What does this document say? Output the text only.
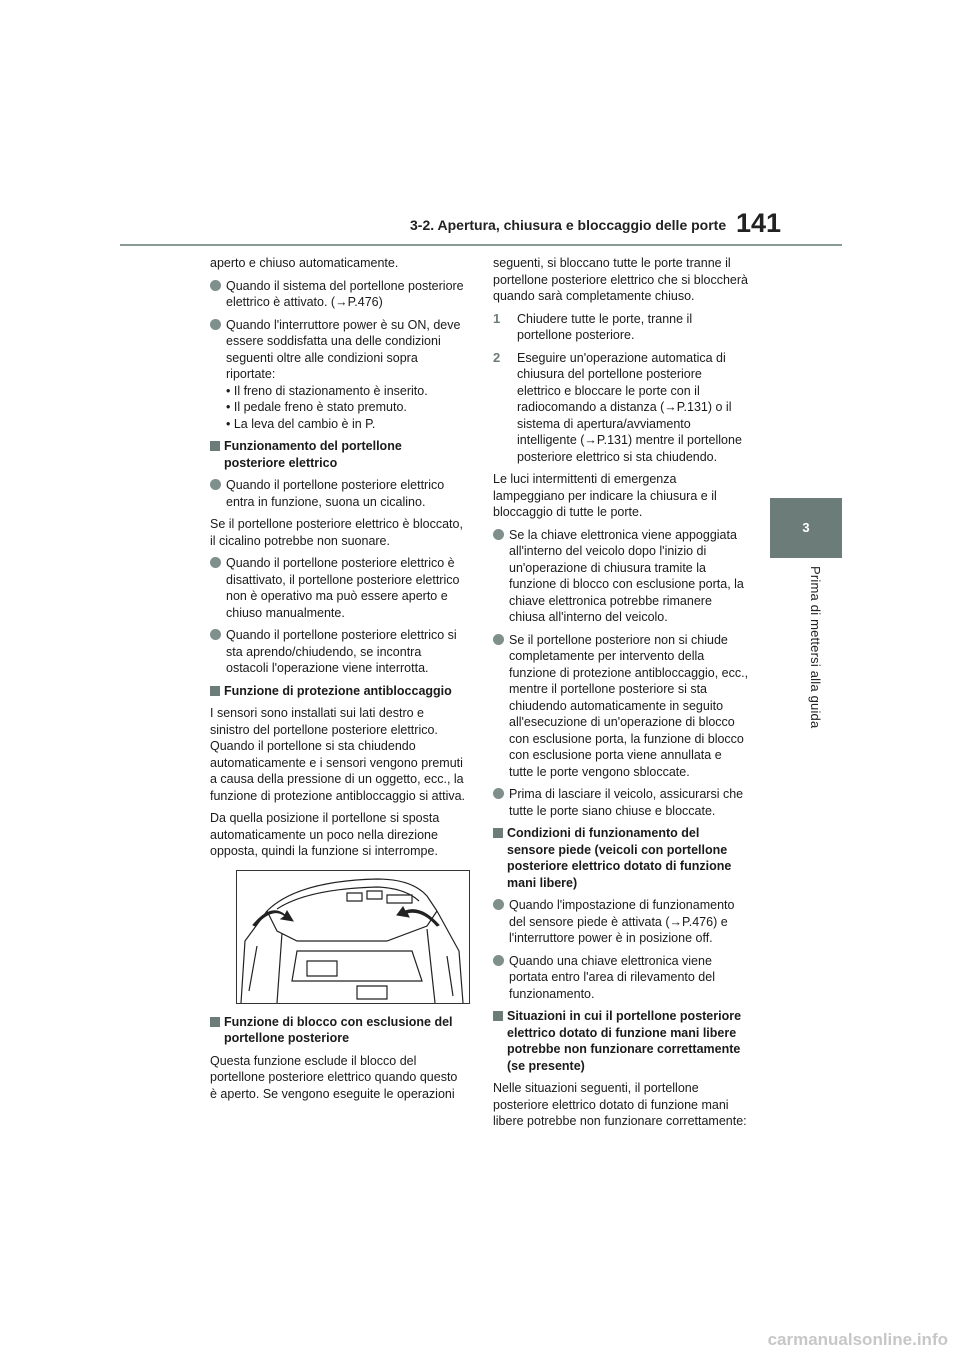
3-2. Apertura, chiusura e bloccaggio delle porte 141
3
Prima di mettersi alla guida

aperto e chiuso automaticamente.

Quando il sistema del portellone posteriore elettrico è attivato. (→P.476)
Quando l'interruttore power è su ON, deve essere soddisfatta una delle condizioni seguenti oltre alle condizioni sopra riportate:
• Il freno di stazionamento è inserito.
• Il pedale freno è stato premuto.
• La leva del cambio è in P.
Funzionamento del portellone posteriore elettrico
Quando il portellone posteriore elettrico entra in funzione, suona un cicalino.

Se il portellone posteriore elettrico è bloccato, il cicalino potrebbe non suonare.

Quando il portellone posteriore elettrico è disattivato, il portellone posteriore elettrico non è operativo ma può essere aperto e chiuso manualmente.
Quando il portellone posteriore elettrico si sta aprendo/chiudendo, se incontra ostacoli l'operazione viene interrotta.
Funzione di protezione antibloccaggio

I sensori sono installati sui lati destro e sinistro del portellone posteriore elettrico. Quando il portellone si sta chiudendo automaticamente e i sensori vengono premuti a causa della pressione di un oggetto, ecc., la funzione di protezione antibloccaggio si attiva.

Da quella posizione il portellone si sposta automaticamente un poco nella direzione opposta, quindi la funzione si interrompe.

Funzione di blocco con esclusione del portellone posteriore

Questa funzione esclude il blocco del portellone posteriore elettrico quando questo è aperto. Se vengono eseguite le operazioni

seguenti, si bloccano tutte le porte tranne il portellone posteriore elettrico che si bloccherà quando sarà completamente chiuso.

1 Chiudere tutte le porte, tranne il portellone posteriore.
2 Eseguire un'operazione automatica di chiusura del portellone posteriore elettrico e bloccare le porte con il radiocomando a distanza (→P.131) o il sistema di apertura/avviamento intelligente (→P.131) mentre il portellone posteriore elettrico si sta chiudendo.

Le luci intermittenti di emergenza lampeggiano per indicare la chiusura e il bloccaggio di tutte le porte.

Se la chiave elettronica viene appoggiata all'interno del veicolo dopo l'inizio di un'operazione di chiusura tramite la funzione di blocco con esclusione porta, la chiave elettronica potrebbe rimanere chiusa all'interno del veicolo.
Se il portellone posteriore non si chiude completamente per intervento della funzione di protezione antibloccaggio, ecc., mentre il portellone posteriore si sta chiudendo automaticamente in seguito all'esecuzione di un'operazione di blocco con esclusione porta, la funzione di blocco con esclusione porta viene annullata e tutte le porte vengono sbloccate.
Prima di lasciare il veicolo, assicurarsi che tutte le porte siano chiuse e bloccate.
Condizioni di funzionamento del sensore piede (veicoli con portellone posteriore elettrico dotato di funzione mani libere)
Quando l'impostazione di funzionamento del sensore piede è attivata (→P.476) e l'interruttore power è in posizione off.
Quando una chiave elettronica viene portata entro l'area di rilevamento del funzionamento.
Situazioni in cui il portellone posteriore elettrico dotato di funzione mani libere potrebbe non funzionare correttamente (se presente)

Nelle situazioni seguenti, il portellone posteriore elettrico dotato di funzione mani libere potrebbe non funzionare correttamente:

carmanualsonline.info
